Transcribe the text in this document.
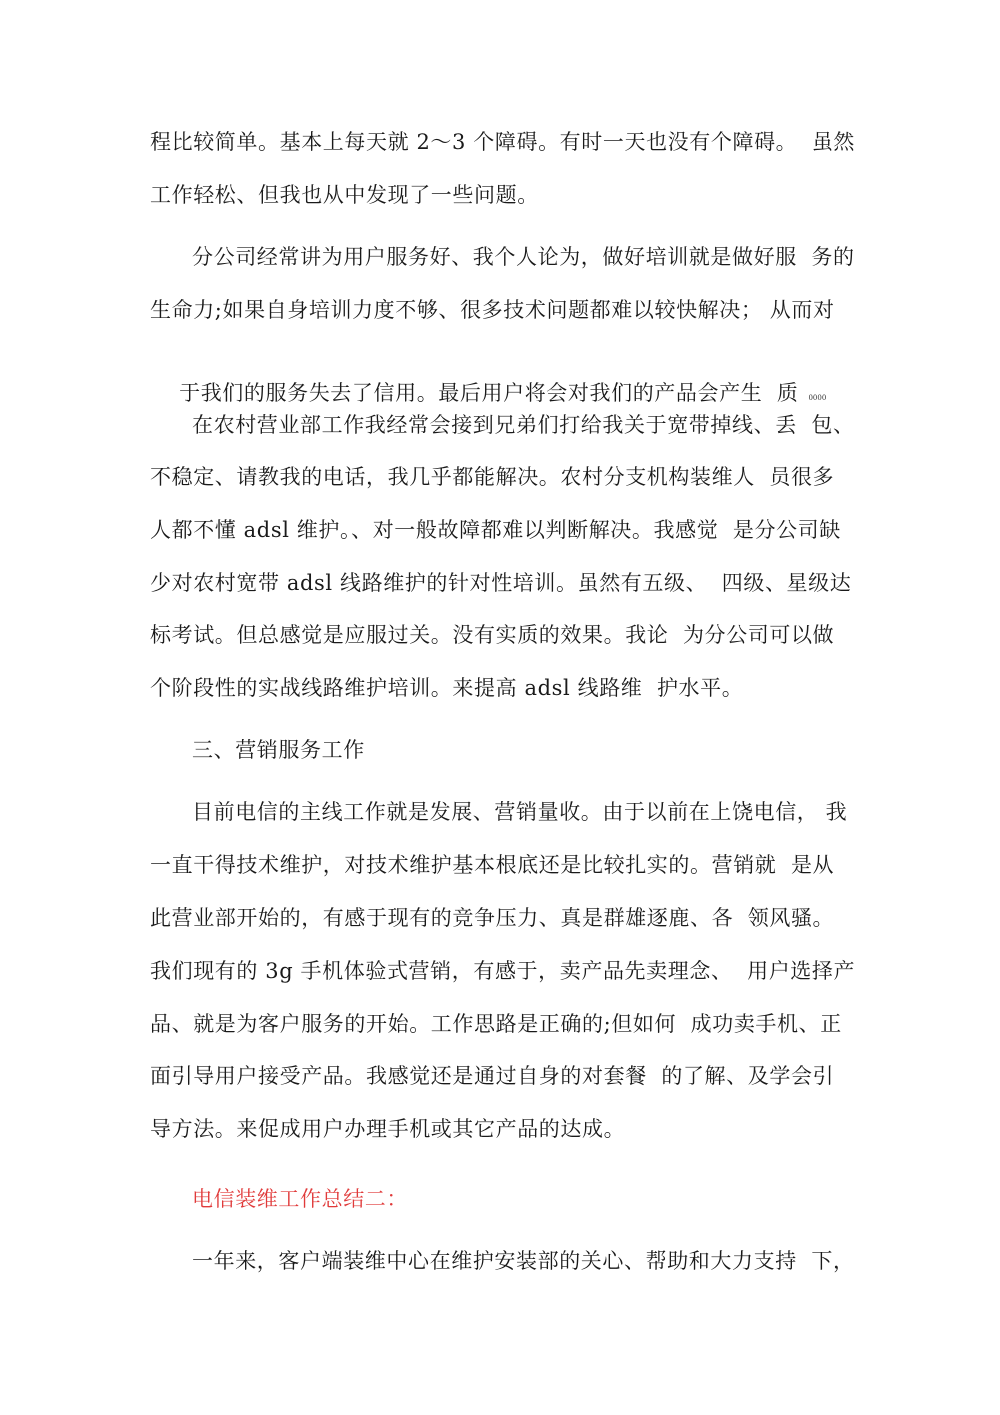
程比较简单。基本上每天就 2～3 个障碍。有时一天也没有个障碍。  虽然
工作轻松、但我也从中发现了一些问题。
分公司经常讲为用户服务好、我个人论为，做好培训就是做好服  务的
生命力;如果自身培训力度不够、很多技术问题都难以较快解决； 从而对

于我们的服务失去了信用。最后用户将会对我们的产品会产生  质 0000

在农村营业部工作我经常会接到兄弟们打给我关于宽带掉线、丢  包、
不稳定、请教我的电话，我几乎都能解决。农村分支机构装维人  员很多
人都不懂 adsl 维护。、对一般故障都难以判断解决。我感觉  是分公司缺
少对农村宽带 adsl 线路维护的针对性培训。虽然有五级、  四级、星级达
标考试。但总感觉是应服过关。没有实质的效果。我论  为分公司可以做
个阶段性的实战线路维护培训。来提高 adsl 线路维  护水平。
三、营销服务工作
目前电信的主线工作就是发展、营销量收。由于以前在上饶电信， 我
一直干得技术维护，对技术维护基本根底还是比较扎实的。营销就  是从
此营业部开始的，有感于现有的竞争压力、真是群雄逐鹿、各  领风骚。
我们现有的 3g 手机体验式营销，有感于，卖产品先卖理念、  用户选择产
品、就是为客户服务的开始。工作思路是正确的;但如何  成功卖手机、正
面引导用户接受产品。我感觉还是通过自身的对套餐  的了解、及学会引
导方法。来促成用户办理手机或其它产品的达成。
电信装维工作总结二：
一年来，客户端装维中心在维护安装部的关心、帮助和大力支持  下，
